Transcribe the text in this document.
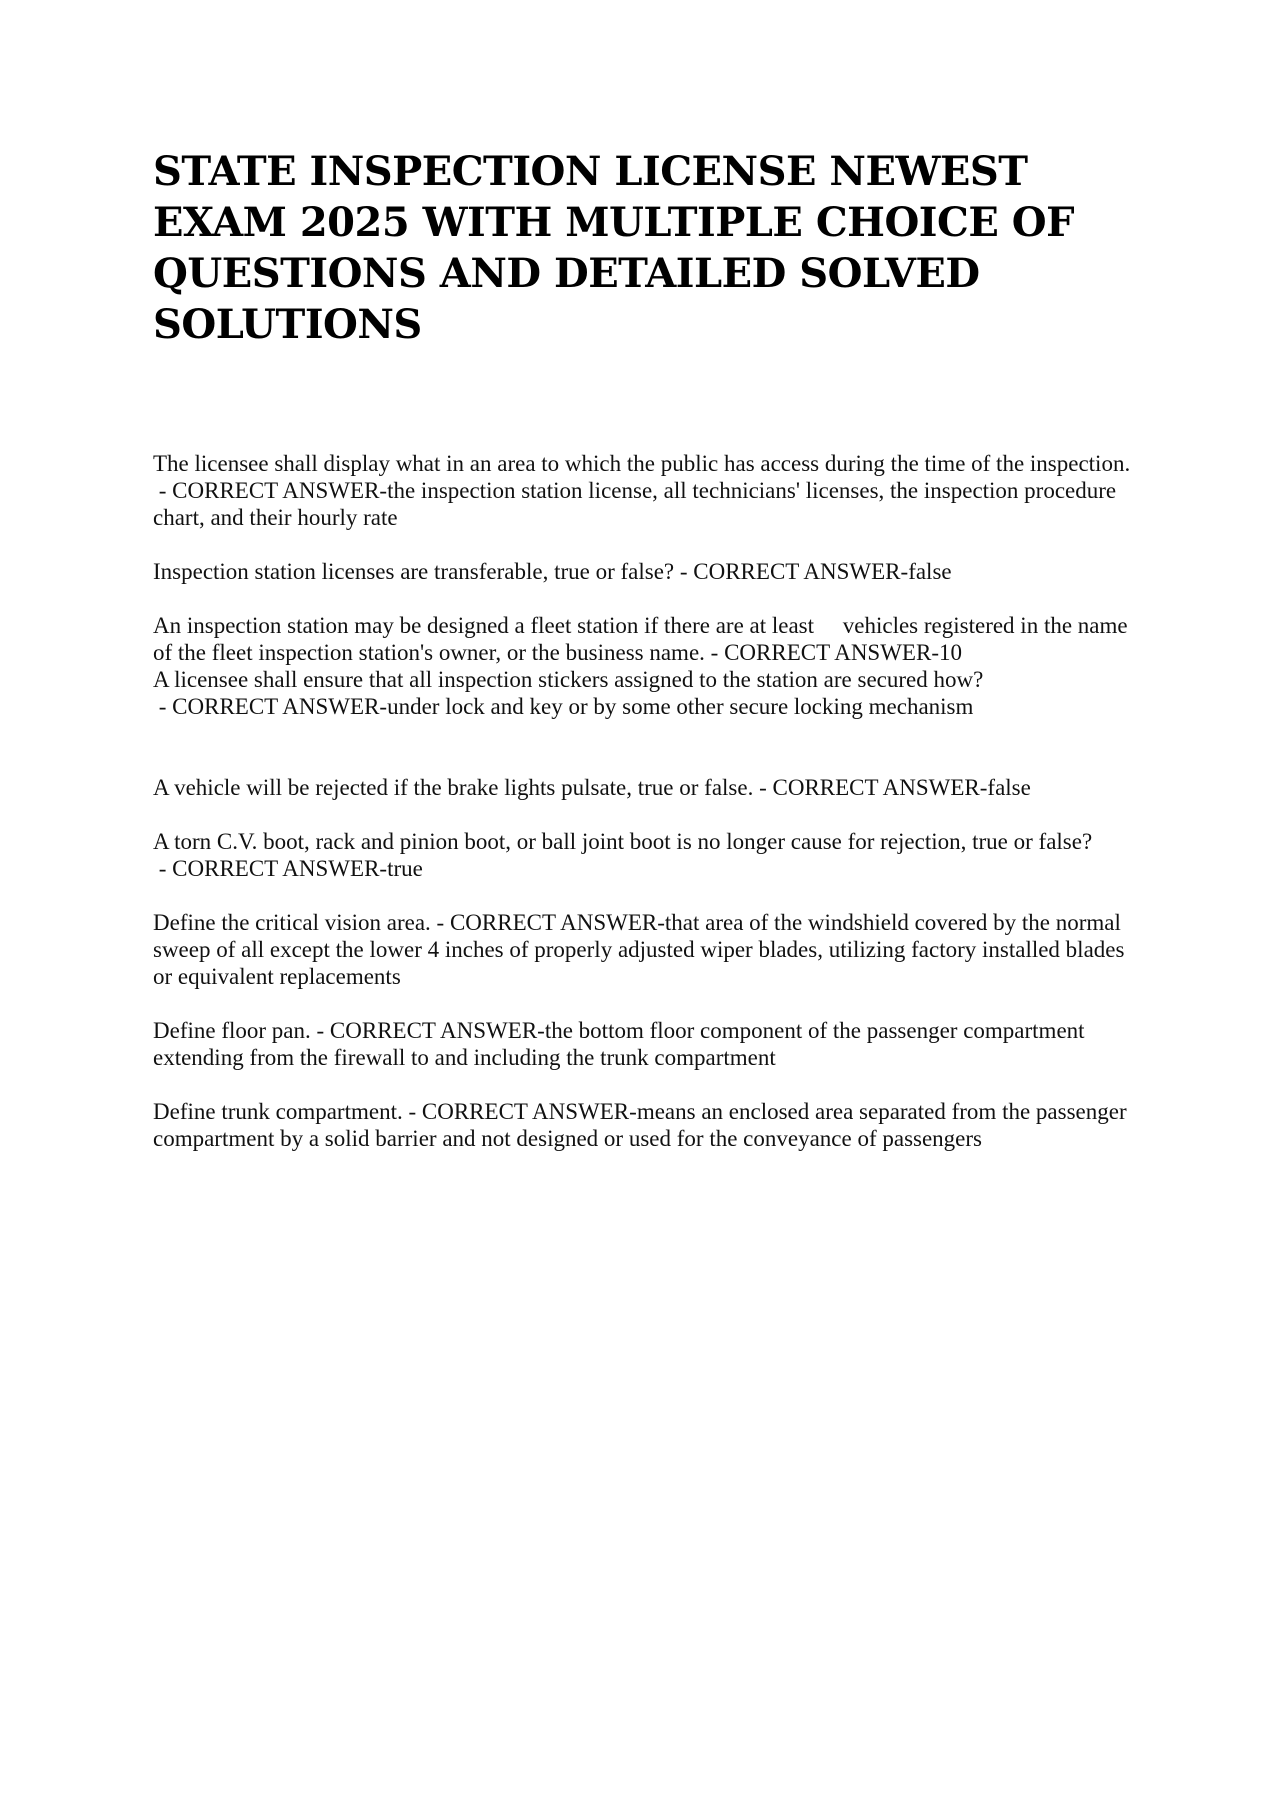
STATE INSPECTION LICENSE NEWEST EXAM 2025 WITH MULTIPLE CHOICE OF QUESTIONS AND DETAILED SOLVED SOLUTIONS
The licensee shall display what in an area to which the public has access during the time of the inspection. - CORRECT ANSWER-the inspection station license, all technicians' licenses, the inspection procedure chart, and their hourly rate
Inspection station licenses are transferable, true or false? - CORRECT ANSWER-false
An inspection station may be designed a fleet station if there are at least     vehicles registered in the name of the fleet inspection station's owner, or the business name. - CORRECT ANSWER-10
A licensee shall ensure that all inspection stickers assigned to the station are secured how? - CORRECT ANSWER-under lock and key or by some other secure locking mechanism
A vehicle will be rejected if the brake lights pulsate, true or false. - CORRECT ANSWER-false
A torn C.V. boot, rack and pinion boot, or ball joint boot is no longer cause for rejection, true or false? - CORRECT ANSWER-true
Define the critical vision area. - CORRECT ANSWER-that area of the windshield covered by the normal sweep of all except the lower 4 inches of properly adjusted wiper blades, utilizing factory installed blades or equivalent replacements
Define floor pan. - CORRECT ANSWER-the bottom floor component of the passenger compartment extending from the firewall to and including the trunk compartment
Define trunk compartment. - CORRECT ANSWER-means an enclosed area separated from the passenger compartment by a solid barrier and not designed or used for the conveyance of passengers
